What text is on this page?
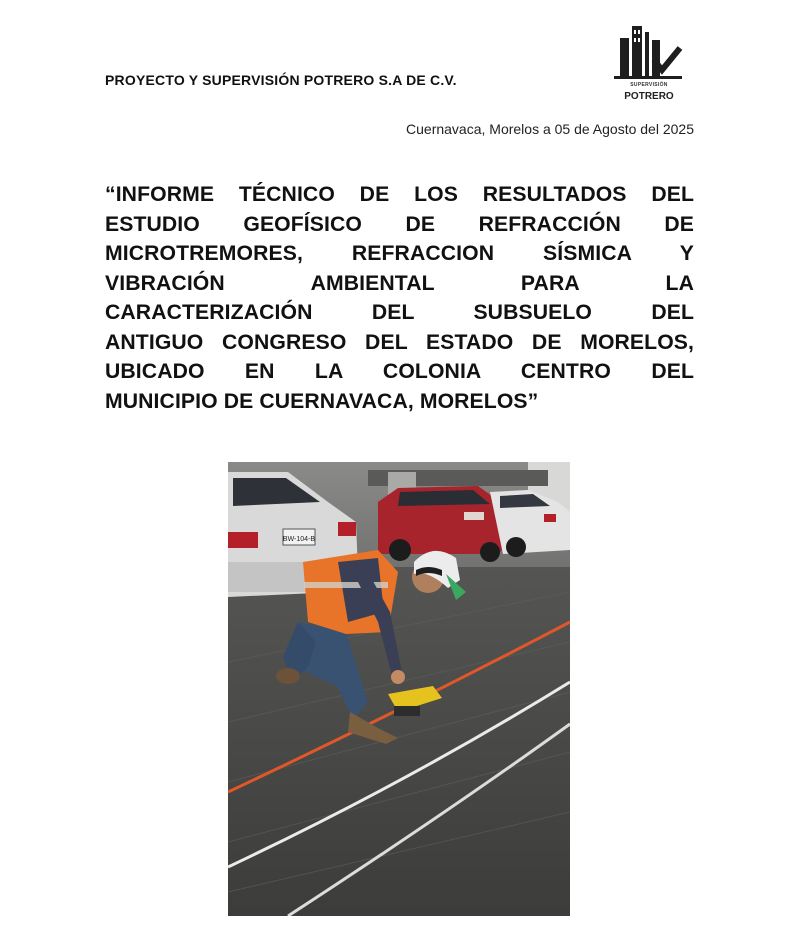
PROYECTO Y SUPERVISIÓN POTRERO S.A DE C.V.	SUPERVISIÓN
POTRERO
Cuernavaca, Morelos a 05 de Agosto del 2025
“INFORME TÉCNICO DE LOS RESULTADOS DEL
ESTUDIO GEOFÍSICO DE REFRACCIÓN DE
MICROTREMORES, REFRACCION SÍSMICA Y
VIBRACIÓN AMBIENTAL PARA LA
CARACTERIZACIÓN DEL SUBSUELO DEL
ANTIGUO CONGRESO DEL ESTADO DE MORELOS,
UBICADO EN LA COLONIA CENTRO DEL
MUNICIPIO DE CUERNAVACA, MORELOS”
BW-104-B
